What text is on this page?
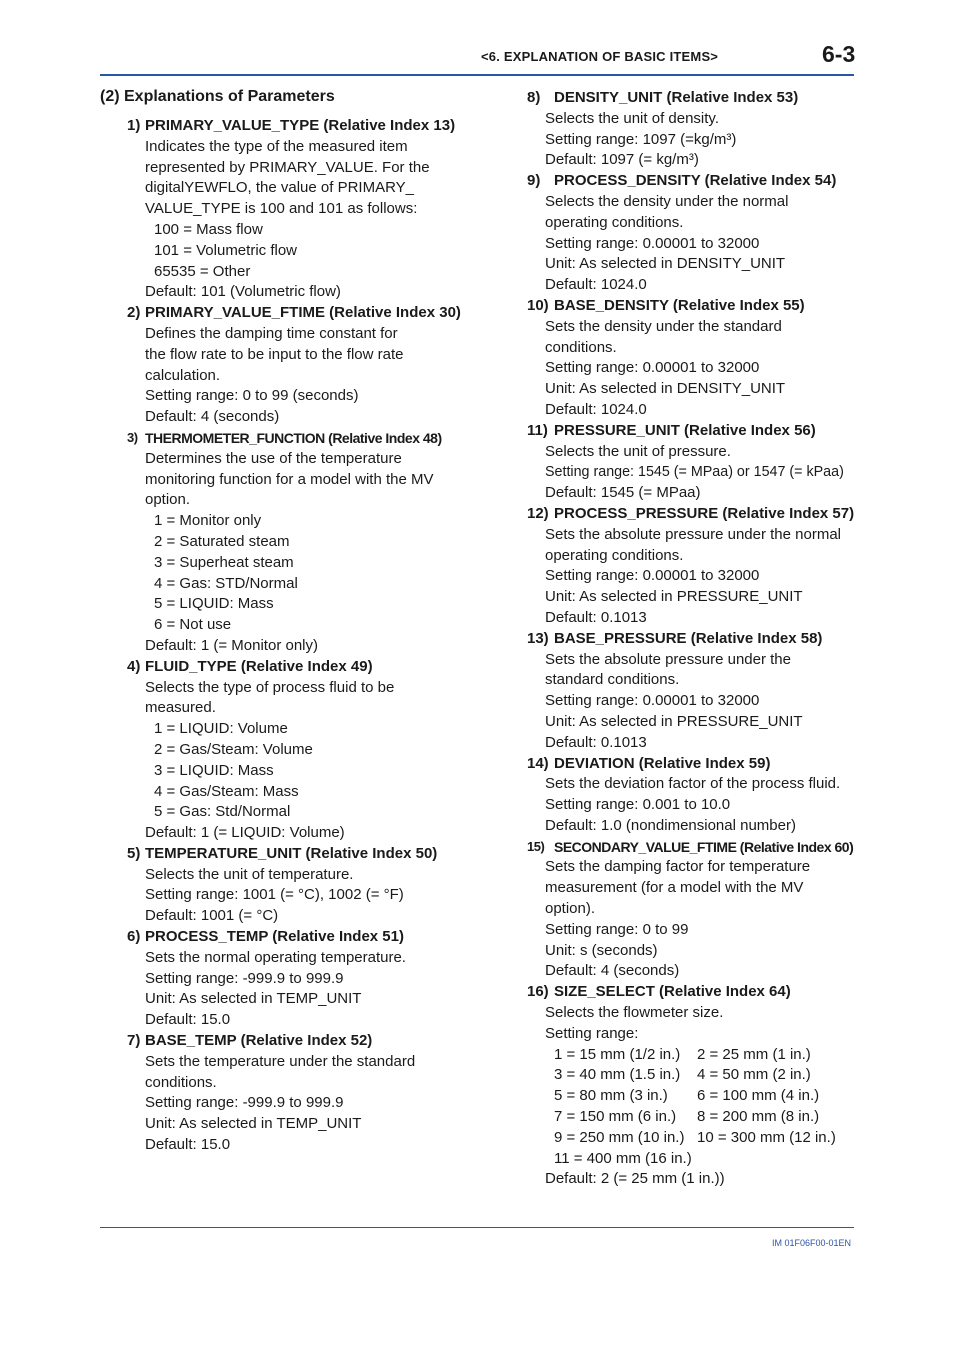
<6. EXPLANATION OF BASIC ITEMS>	6-3
(2) Explanations of Parameters
1) PRIMARY_VALUE_TYPE (Relative Index 13)
Indicates the type of the measured item
represented by PRIMARY_VALUE. For the
digitalYEWFLO, the value of PRIMARY_
VALUE_TYPE is 100 and 101 as follows:
100 = Mass flow
101 = Volumetric flow
65535 = Other
Default: 101 (Volumetric flow)
2) PRIMARY_VALUE_FTIME (Relative Index 30)
Defines the damping time constant for
the flow rate to be input to the flow rate
calculation.
Setting range: 0 to 99 (seconds)
Default: 4 (seconds)
3) THERMOMETER_FUNCTION (Relative Index 48)
Determines the use of the temperature
monitoring function for a model with the MV
option.
1 = Monitor only
2 = Saturated steam
3 = Superheat steam
4 = Gas: STD/Normal
5 = LIQUID: Mass
6 = Not use
Default: 1 (= Monitor only)
4) FLUID_TYPE (Relative Index 49)
Selects the type of process fluid to be
measured.
1 = LIQUID: Volume
2 = Gas/Steam: Volume
3 = LIQUID: Mass
4 = Gas/Steam: Mass
5 = Gas: Std/Normal
Default: 1 (= LIQUID: Volume)
5) TEMPERATURE_UNIT (Relative Index 50)
Selects the unit of temperature.
Setting range: 1001 (= °C), 1002 (= °F)
Default: 1001 (= °C)
6) PROCESS_TEMP (Relative Index 51)
Sets the normal operating temperature.
Setting range: -999.9 to 999.9
Unit: As selected in TEMP_UNIT
Default: 15.0
7) BASE_TEMP (Relative Index 52)
Sets the temperature under the standard
conditions.
Setting range: -999.9 to 999.9
Unit: As selected in TEMP_UNIT
Default: 15.0
8) DENSITY_UNIT (Relative Index 53)
Selects the unit of density.
Setting range: 1097 (=kg/m³)
Default: 1097 (= kg/m³)
9) PROCESS_DENSITY (Relative Index 54)
Selects the density under the normal
operating conditions.
Setting range: 0.00001 to 32000
Unit: As selected in DENSITY_UNIT
Default: 1024.0
10) BASE_DENSITY (Relative Index 55)
Sets the density under the standard
conditions.
Setting range: 0.00001 to 32000
Unit: As selected in DENSITY_UNIT
Default: 1024.0
11) PRESSURE_UNIT (Relative Index 56)
Selects the unit of pressure.
Setting range: 1545 (= MPaa) or 1547 (= kPaa)
Default: 1545 (= MPaa)
12) PROCESS_PRESSURE (Relative Index 57)
Sets the absolute pressure under the normal
operating conditions.
Setting range: 0.00001 to 32000
Unit: As selected in PRESSURE_UNIT
Default: 0.1013
13) BASE_PRESSURE (Relative Index 58)
Sets the absolute pressure under the
standard conditions.
Setting range: 0.00001 to 32000
Unit: As selected in PRESSURE_UNIT
Default: 0.1013
14) DEVIATION (Relative Index 59)
Sets the deviation factor of the process fluid.
Setting range: 0.001 to 10.0
Default: 1.0 (nondimensional number)
15) SECONDARY_VALUE_FTIME (Relative Index 60)
Sets the damping factor for temperature
measurement (for a model with the MV
option).
Setting range: 0 to 99
Unit: s (seconds)
Default: 4 (seconds)
16) SIZE_SELECT (Relative Index 64)
Selects the flowmeter size.
Setting range:
1 = 15 mm (1/2 in.)	2 = 25 mm (1 in.)
3 = 40 mm (1.5 in.)	4 = 50 mm (2 in.)
5 = 80 mm (3 in.)	6 = 100 mm (4 in.)
7 = 150 mm (6 in.)	8 = 200 mm (8 in.)
9 = 250 mm (10 in.) 10 = 300 mm (12 in.)
11 = 400 mm (16 in.)
Default: 2 (= 25 mm (1 in.))
IM 01F06F00-01EN
